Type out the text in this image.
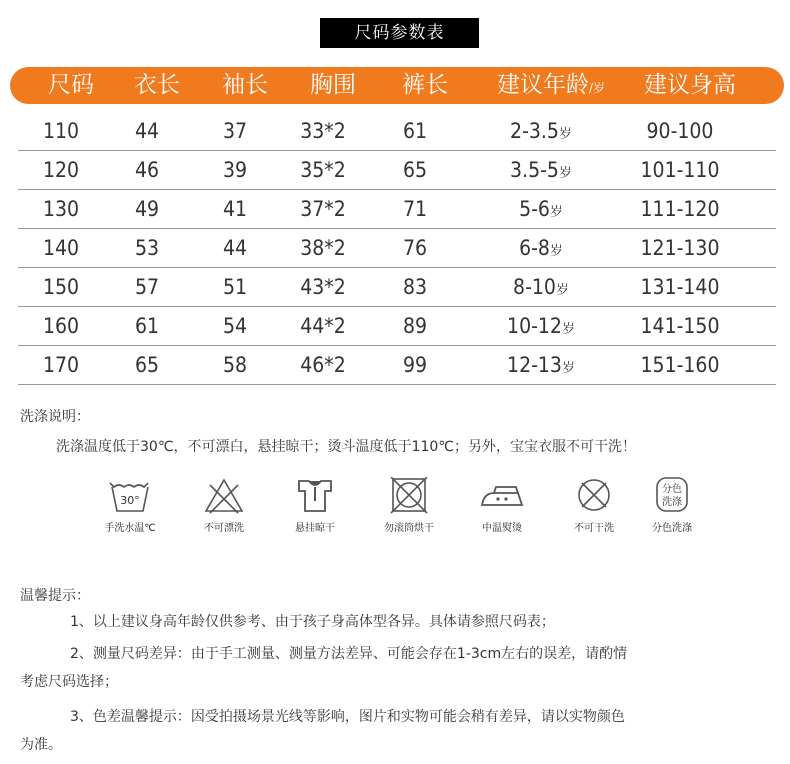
尺码参数表
尺码	衣长	袖长	胸围	裤长	建议年龄/岁	建议身高
110	44	37	33*2	61	2-3.5岁	90-100
120	46	39	35*2	65	3.5-5岁	101-110
130	49	41	37*2	71	5-6岁	111-120
140	53	44	38*2	76	6-8岁	121-130
150	57	51	43*2	83	8-10岁	131-140
160	61	54	44*2	89	10-12岁	141-150
170	65	58	46*2	99	12-13岁	151-160
洗涤说明：
洗涤温度低于30℃，不可漂白，悬挂晾干；烫斗温度低于110℃；另外，宝宝衣服不可干洗！
30°
手洗水温℃	不可漂洗	悬挂晾干	勿滚筒烘干	中温熨烫	不可干洗
分色
洗涤
分色洗涤
温馨提示：
1、以上建议身高年龄仅供参考、由于孩子身高体型各异。具体请参照尺码表；
2、测量尺码差异：由于手工测量、测量方法差异、可能会存在1-3cm左右的误差，请酌情
考虑尺码选择；
3、色差温馨提示：因受拍摄场景光线等影响，图片和实物可能会稍有差异，请以实物颜色
为准。
